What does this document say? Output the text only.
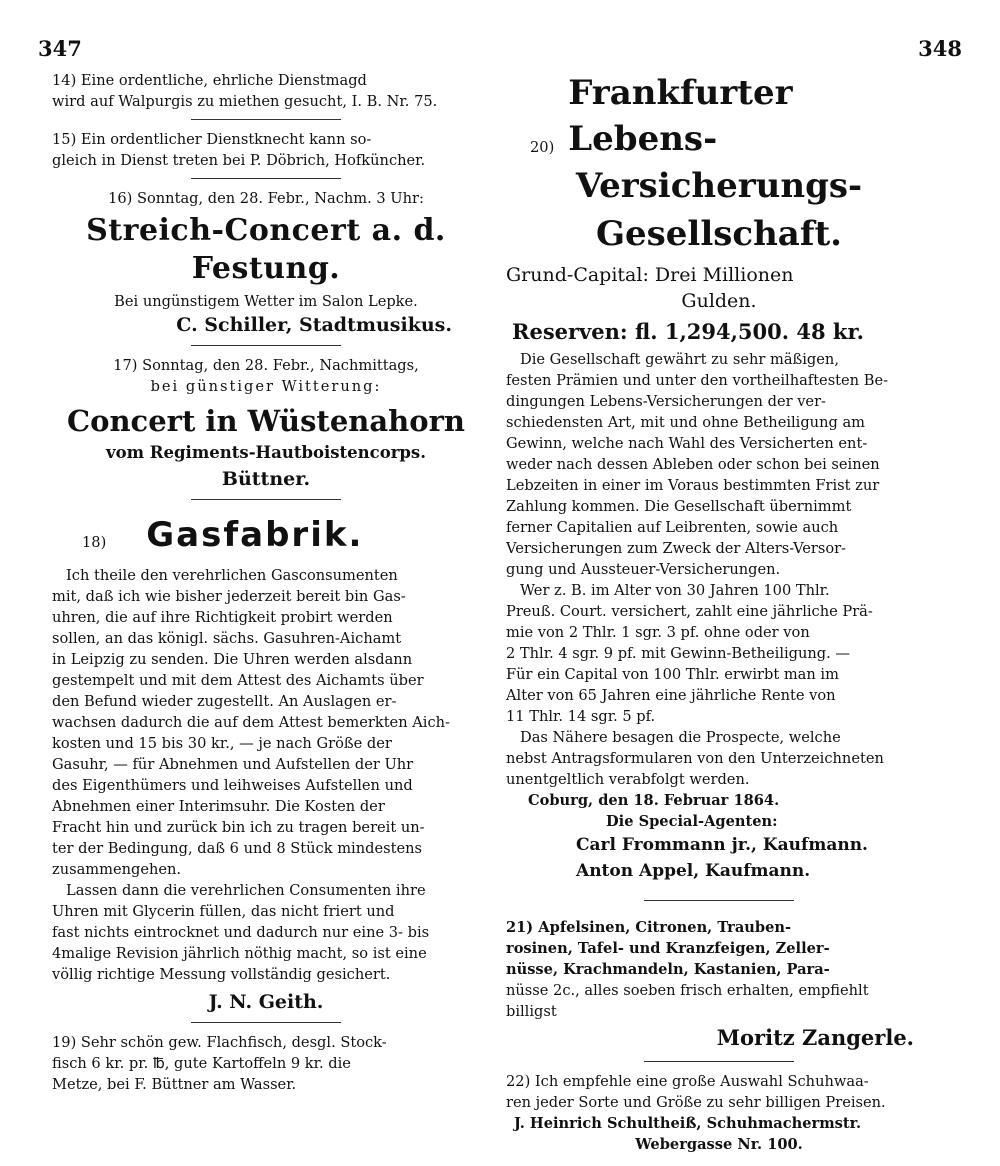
347	348

14) Eine ordentliche, ehrliche Dienstmagd

wird auf Walpurgis zu miethen gesucht, I. B. Nr. 75.

15) Ein ordentlicher Dienstknecht kann so-

gleich in Dienst treten bei P. Döbrich, Hofküncher.

16) Sonntag, den 28. Febr., Nachm. 3 Uhr:

Streich-Concert a. d. Festung.

Bei ungünstigem Wetter im Salon Lepke.

C. Schiller, Stadtmusikus.

17) Sonntag, den 28. Febr., Nachmittags,

bei günstiger Witterung:

Concert in Wüstenahorn
vom Regiments-Hautboistencorps.
Büttner.
18) Gasfabrik.

Ich theile den verehrlichen Gasconsumenten

mit, daß ich wie bisher jederzeit bereit bin Gas-

uhren, die auf ihre Richtigkeit probirt werden

sollen, an das königl. sächs. Gasuhren-Aichamt

in Leipzig zu senden. Die Uhren werden alsdann

gestempelt und mit dem Attest des Aichamts über

den Befund wieder zugestellt. An Auslagen er-

wachsen dadurch die auf dem Attest bemerkten Aich-

kosten und 15 bis 30 kr., — je nach Größe der

Gasuhr, — für Abnehmen und Aufstellen der Uhr

des Eigenthümers und leihweises Aufstellen und

Abnehmen einer Interimsuhr. Die Kosten der

Fracht hin und zurück bin ich zu tragen bereit un-

ter der Bedingung, daß 6 und 8 Stück mindestens

zusammengehen.

Lassen dann die verehrlichen Consumenten ihre

Uhren mit Glycerin füllen, das nicht friert und

fast nichts eintrocknet und dadurch nur eine 3- bis

4malige Revision jährlich nöthig macht, so ist eine

völlig richtige Messung vollständig gesichert.

J. N. Geith.

19) Sehr schön gew. Flachfisch, desgl. Stock-

fisch 6 kr. pr. ℔, gute Kartoffeln 9 kr. die

Metze, bei F. Büttner am Wasser.

20)
Frankfurter Lebens-
Versicherungs-Gesellschaft.
Grund-Capital: Drei Millionen
Gulden.
Reserven: fl. 1,294,500. 48 kr.

Die Gesellschaft gewährt zu sehr mäßigen,

festen Prämien und unter den vortheilhaftesten Be-

dingungen Lebens-Versicherungen der ver-

schiedensten Art, mit und ohne Betheiligung am

Gewinn, welche nach Wahl des Versicherten ent-

weder nach dessen Ableben oder schon bei seinen

Lebzeiten in einer im Voraus bestimmten Frist zur

Zahlung kommen. Die Gesellschaft übernimmt

ferner Capitalien auf Leibrenten, sowie auch

Versicherungen zum Zweck der Alters-Versor-

gung und Aussteuer-Versicherungen.

Wer z. B. im Alter von 30 Jahren 100 Thlr.

Preuß. Court. versichert, zahlt eine jährliche Prä-

mie von 2 Thlr. 1 sgr. 3 pf. ohne oder von

2 Thlr. 4 sgr. 9 pf. mit Gewinn-Betheiligung. —

Für ein Capital von 100 Thlr. erwirbt man im

Alter von 65 Jahren eine jährliche Rente von

11 Thlr. 14 sgr. 5 pf.

Das Nähere besagen die Prospecte, welche

nebst Antragsformularen von den Unterzeichneten

unentgeltlich verabfolgt werden.

Coburg, den 18. Februar 1864.

Die Special-Agenten:

Carl Frommann jr., Kaufmann.
Anton Appel, Kaufmann.

21) Apfelsinen, Citronen, Trauben-

rosinen, Tafel- und Kranzfeigen, Zeller-

nüsse, Krachmandeln, Kastanien, Para-

nüsse 2c., alles soeben frisch erhalten, empfiehlt

billigst

Moritz Zangerle.

22) Ich empfehle eine große Auswahl Schuhwaa-

ren jeder Sorte und Größe zu sehr billigen Preisen.

J. Heinrich Schultheiß, Schuhmachermstr.

Webergasse Nr. 100.
